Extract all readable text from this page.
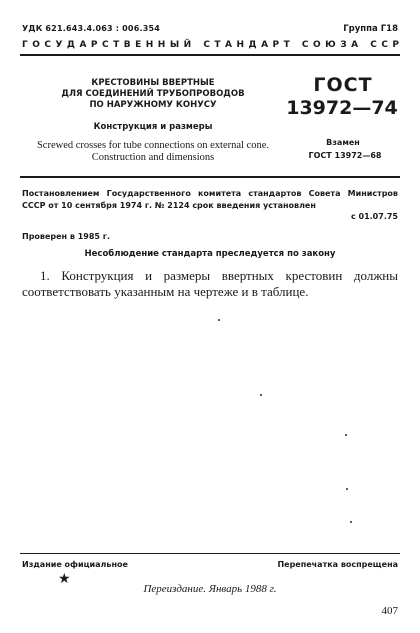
УДК 621.643.4.063 : 006.354	Группа Г18
ГОСУДАРСТВЕННЫЙ СТАНДАРТ СОЮЗА ССР
КРЕСТОВИНЫ ВВЕРТНЫЕ
ДЛЯ СОЕДИНЕНИЙ ТРУБОПРОВОДОВ
ПО НАРУЖНОМУ КОНУСУ
Конструкция и размеры
Screwed crosses for tube connections on external cone.
Construction and dimensions
ГОСТ
13972—74
Взамен
ГОСТ 13972—68
Постановлением Государственного комитета стандартов Совета Министров СССР от 10 сентября 1974 г. № 2124 срок введения установлен
с 01.07.75
Проверен в 1985 г.
Несоблюдение стандарта преследуется по закону
1. Конструкция и размеры ввертных крестовин должны соответствовать указанным на чертеже и в таблице.
Издание официальное	Перепечатка воспрещена
★
Переиздание. Январь 1988 г.
407
